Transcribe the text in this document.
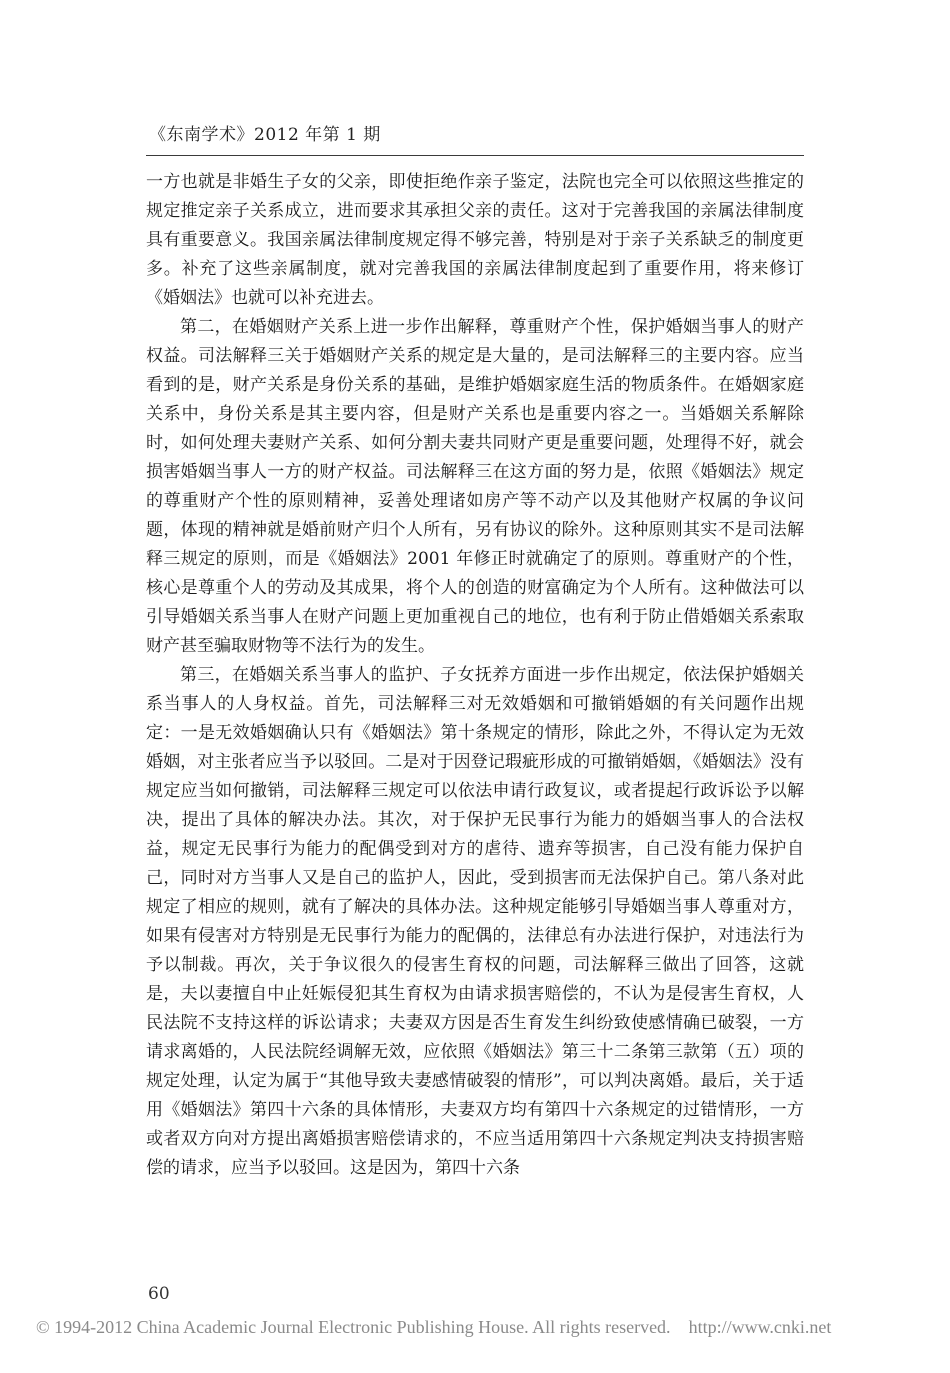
《东南学术》2012 年第 1 期

一方也就是非婚生子女的父亲，即使拒绝作亲子鉴定，法院也完全可以依照这些推定的规定推定亲子关系成立，进而要求其承担父亲的责任。这对于完善我国的亲属法律制度具有重要意义。我国亲属法律制度规定得不够完善，特别是对于亲子关系缺乏的制度更多。补充了这些亲属制度，就对完善我国的亲属法律制度起到了重要作用，将来修订《婚姻法》也就可以补充进去。

第二，在婚姻财产关系上进一步作出解释，尊重财产个性，保护婚姻当事人的财产权益。司法解释三关于婚姻财产关系的规定是大量的，是司法解释三的主要内容。应当看到的是，财产关系是身份关系的基础，是维护婚姻家庭生活的物质条件。在婚姻家庭关系中，身份关系是其主要内容，但是财产关系也是重要内容之一。当婚姻关系解除时，如何处理夫妻财产关系、如何分割夫妻共同财产更是重要问题，处理得不好，就会损害婚姻当事人一方的财产权益。司法解释三在这方面的努力是，依照《婚姻法》规定的尊重财产个性的原则精神，妥善处理诸如房产等不动产以及其他财产权属的争议问题，体现的精神就是婚前财产归个人所有，另有协议的除外。这种原则其实不是司法解释三规定的原则，而是《婚姻法》2001 年修正时就确定了的原则。尊重财产的个性，核心是尊重个人的劳动及其成果，将个人的创造的财富确定为个人所有。这种做法可以引导婚姻关系当事人在财产问题上更加重视自己的地位，也有利于防止借婚姻关系索取财产甚至骗取财物等不法行为的发生。

第三，在婚姻关系当事人的监护、子女抚养方面进一步作出规定，依法保护婚姻关系当事人的人身权益。首先，司法解释三对无效婚姻和可撤销婚姻的有关问题作出规定：一是无效婚姻确认只有《婚姻法》第十条规定的情形，除此之外，不得认定为无效婚姻，对主张者应当予以驳回。二是对于因登记瑕疵形成的可撤销婚姻，《婚姻法》没有规定应当如何撤销，司法解释三规定可以依法申请行政复议，或者提起行政诉讼予以解决，提出了具体的解决办法。其次，对于保护无民事行为能力的婚姻当事人的合法权益，规定无民事行为能力的配偶受到对方的虐待、遗弃等损害，自己没有能力保护自己，同时对方当事人又是自己的监护人，因此，受到损害而无法保护自己。第八条对此规定了相应的规则，就有了解决的具体办法。这种规定能够引导婚姻当事人尊重对方，如果有侵害对方特别是无民事行为能力的配偶的，法律总有办法进行保护，对违法行为予以制裁。再次，关于争议很久的侵害生育权的问题，司法解释三做出了回答，这就是，夫以妻擅自中止妊娠侵犯其生育权为由请求损害赔偿的，不认为是侵害生育权，人民法院不支持这样的诉讼请求；夫妻双方因是否生育发生纠纷致使感情确已破裂，一方请求离婚的，人民法院经调解无效，应依照《婚姻法》第三十二条第三款第（五）项的规定处理，认定为属于“其他导致夫妻感情破裂的情形”，可以判决离婚。最后，关于适用《婚姻法》第四十六条的具体情形，夫妻双方均有第四十六条规定的过错情形，一方或者双方向对方提出离婚损害赔偿请求的，不应当适用第四十六条规定判决支持损害赔偿的请求，应当予以驳回。这是因为，第四十六条

60
© 1994-2012 China Academic Journal Electronic Publishing House. All rights reserved. http://www.cnki.net
